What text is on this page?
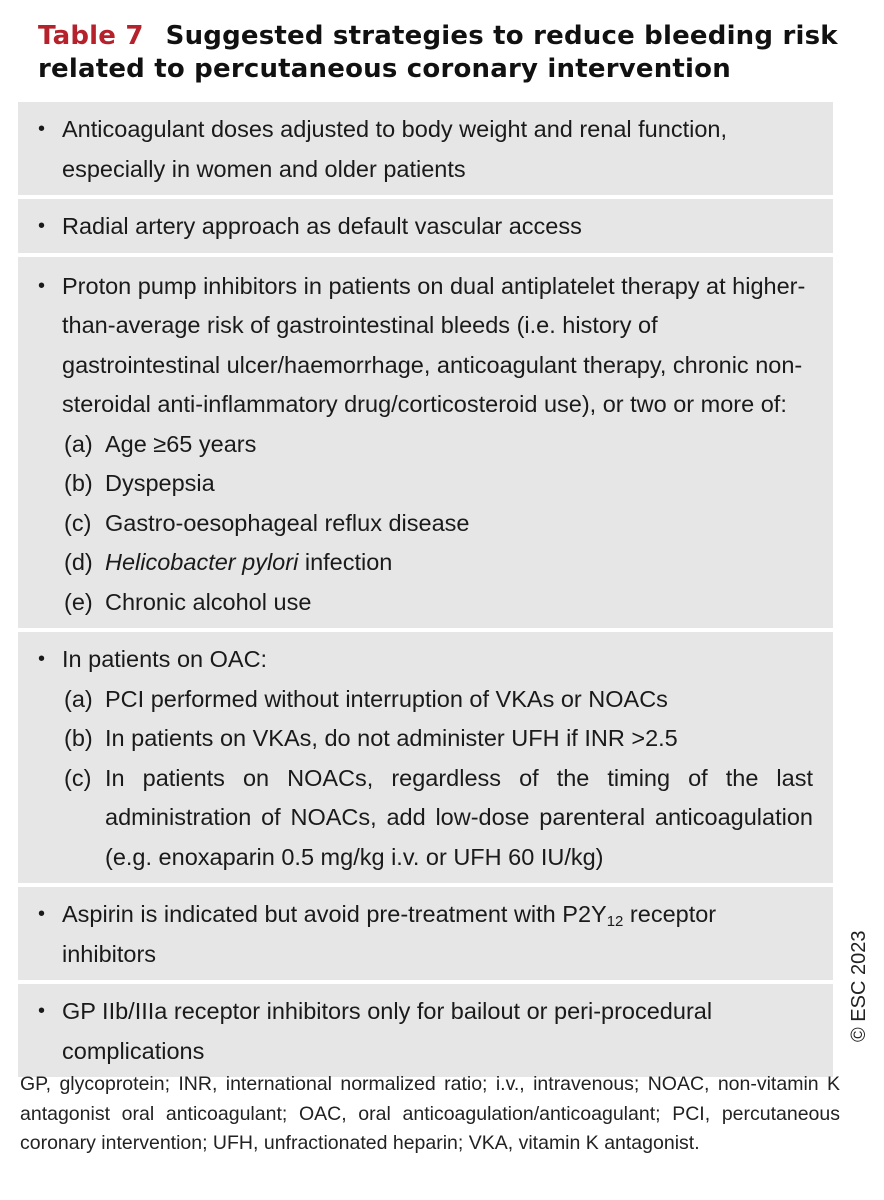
Table 7 Suggested strategies to reduce bleeding risk related to percutaneous coronary intervention
• Anticoagulant doses adjusted to body weight and renal function, especially in women and older patients
• Radial artery approach as default vascular access
• Proton pump inhibitors in patients on dual antiplatelet therapy at higher-than-average risk of gastrointestinal bleeds (i.e. history of gastrointestinal ulcer/haemorrhage, anticoagulant therapy, chronic non-steroidal anti-inflammatory drug/corticosteroid use), or two or more of:
(a) Age ≥65 years
(b) Dyspepsia
(c) Gastro-oesophageal reflux disease
(d) Helicobacter pylori infection
(e) Chronic alcohol use
• In patients on OAC:
(a) PCI performed without interruption of VKAs or NOACs
(b) In patients on VKAs, do not administer UFH if INR >2.5
(c) In patients on NOACs, regardless of the timing of the last administration of NOACs, add low-dose parenteral anticoagulation (e.g. enoxaparin 0.5 mg/kg i.v. or UFH 60 IU/kg)
• Aspirin is indicated but avoid pre-treatment with $P2Y_{12}$ receptor inhibitors
• GP IIb/IIIa receptor inhibitors only for bailout or peri-procedural complications
© ESC 2023
GP, glycoprotein; INR, international normalized ratio; i.v., intravenous; NOAC, non-vitamin K antagonist oral anticoagulant; OAC, oral anticoagulation/anticoagulant; PCI, percutaneous coronary intervention; UFH, unfractionated heparin; VKA, vitamin K antagonist.
